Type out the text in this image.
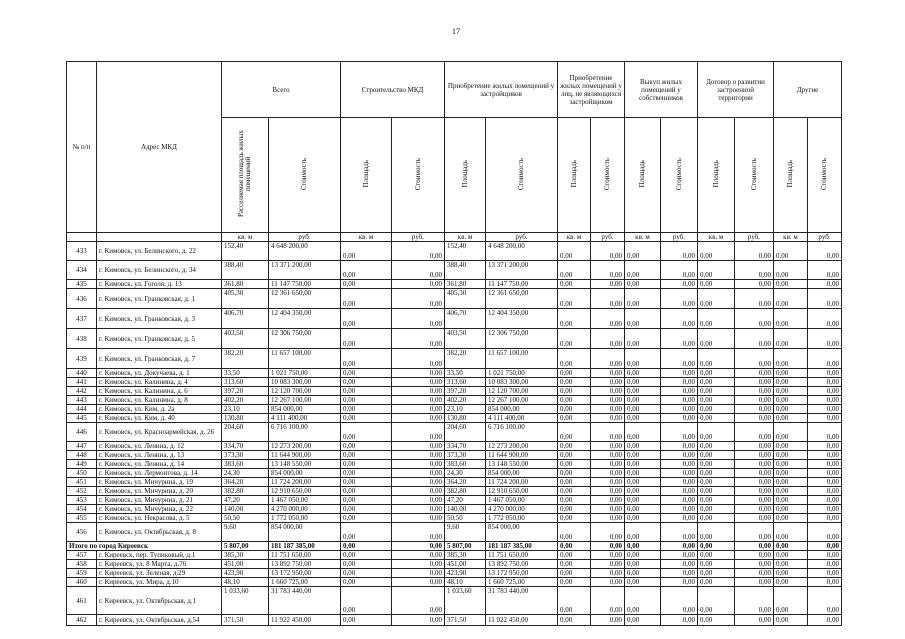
17
№ п/п	Адрес МКД	Всего		Строительство МКД		Приобретение жилых помещений у застройщиков		Приобретение жилых помещений у лиц, не являющихся застройщиком		Выкуп жилых помещений у собственников		Договор о развитии застроенной территории		Другие	
		Расселяемая площадь жилых помещений	Стоимость	Площадь	Стоимость	Площадь	Стоимость	Площадь	Стоимость	Площадь	Стоимость	Площадь	Стоимость	Площадь	Стоимость
		кв. м	руб.	кв. м	руб.	кв. м	руб.	кв. м	руб.	кв. м	руб.	кв. м	руб.	кв. м	руб.
433	г. Кимовск, ул. Белинского, д. 22	152,40	4 648 200,00	0,00	0,00	152,40	4 648 200,00	0,00	0,00	0,00	0,00	0,00	0,00	0,00	0,00
434	г. Кимовск, ул. Белинского, д. 34	388,40	13 371 200,00	0,00	0,00	388,40	13 371 200,00	0,00	0,00	0,00	0,00	0,00	0,00	0,00	0,00
435	г. Кимовск, ул. Гоголя, д. 13	361,80	11 147 750,00	0,00	0,00	361,80	11 147 750,00	0,00	0,00	0,00	0,00	0,00	0,00	0,00	0,00
436	г. Кимовск, ул. Гранковская, д. 1	405,30	12 361 650,00	0,00	0,00	405,30	12 361 650,00	0,00	0,00	0,00	0,00	0,00	0,00	0,00	0,00
437	г. Кимовск, ул. Гранковская, д. 3	406,70	12 404 350,00	0,00	0,00	406,70	12 404 350,00	0,00	0,00	0,00	0,00	0,00	0,00	0,00	0,00
438	г. Кимовск, ул. Гранковская, д. 5	403,50	12 306 750,00	0,00	0,00	403,50	12 306 750,00	0,00	0,00	0,00	0,00	0,00	0,00	0,00	0,00
439	г. Кимовск, ул. Гранковская, д. 7	382,20	11 657 100,00	0,00	0,00	382,20	11 657 100,00	0,00	0,00	0,00	0,00	0,00	0,00	0,00	0,00
440	г. Кимовск, ул. Докучаева, д. 1	33,50	1 021 750,00	0,00	0,00	33,50	1 021 750,00	0,00	0,00	0,00	0,00	0,00	0,00	0,00	0,00
441	г. Кимовск, ул. Калинина, д. 4	313,60	10 083 300,00	0,00	0,00	313,60	10 083 300,00	0,00	0,00	0,00	0,00	0,00	0,00	0,00	0,00
442	г. Кимовск, ул. Калинина, д. 6	397,20	12 120 700,00	0,00	0,00	397,20	12 120 700,00	0,00	0,00	0,00	0,00	0,00	0,00	0,00	0,00
443	г. Кимовск, ул. Калинина, д. 8	402,20	12 267 100,00	0,00	0,00	402,20	12 267 100,00	0,00	0,00	0,00	0,00	0,00	0,00	0,00	0,00
444	г. Кимовск, ул. Ким, д. 2а	23,10	854 000,00	0,00	0,00	23,10	854 000,00	0,00	0,00	0,00	0,00	0,00	0,00	0,00	0,00
445	г. Кимовск, ул. Ким, д. 40	130,80	4 111 400,00	0,00	0,00	130,80	4 111 400,00	0,00	0,00	0,00	0,00	0,00	0,00	0,00	0,00
446	г. Кимовск, ул. Красноармейская, д. 26	204,60	6 716 100,00	0,00	0,00	204,60	6 716 100,00	0,00	0,00	0,00	0,00	0,00	0,00	0,00	0,00
447	г. Кимовск, ул. Ленина, д. 12	334,70	12 273 200,00	0,00	0,00	334,70	12 273 200,00	0,00	0,00	0,00	0,00	0,00	0,00	0,00	0,00
448	г. Кимовск, ул. Ленина, д. 13	373,30	11 644 900,00	0,00	0,00	373,30	11 644 900,00	0,00	0,00	0,00	0,00	0,00	0,00	0,00	0,00
449	г. Кимовск, ул. Ленина, д. 14	383,60	13 148 550,00	0,00	0,00	383,60	13 148 550,00	0,00	0,00	0,00	0,00	0,00	0,00	0,00	0,00
450	г. Кимовск, ул. Лермонтова, д. 14	24,30	854 000,00	0,00	0,00	24,30	854 000,00	0,00	0,00	0,00	0,00	0,00	0,00	0,00	0,00
451	г. Кимовск, ул. Мичурина, д. 19	364,20	11 724 200,00	0,00	0,00	364,20	11 724 200,00	0,00	0,00	0,00	0,00	0,00	0,00	0,00	0,00
452	г. Кимовск, ул. Мичурина, д. 20	382,80	12 910 650,00	0,00	0,00	382,80	12 910 650,00	0,00	0,00	0,00	0,00	0,00	0,00	0,00	0,00
453	г. Кимовск, ул. Мичурина, д. 21	47,20	1 467 050,00	0,00	0,00	47,20	1 467 050,00	0,00	0,00	0,00	0,00	0,00	0,00	0,00	0,00
454	г. Кимовск, ул. Мичурина, д. 22	140,00	4 270 000,00	0,00	0,00	140,00	4 270 000,00	0,00	0,00	0,00	0,00	0,00	0,00	0,00	0,00
455	г. Кимовск, ул. Некрасова, д. 5	50,50	1 772 050,00	0,00	0,00	50,50	1 772 050,00	0,00	0,00	0,00	0,00	0,00	0,00	0,00	0,00
456	г. Кимовск, ул. Октябрьская, д. 8	9,60	854 000,00	0,00	0,00	9,60	854 000,00	0,00	0,00	0,00	0,00	0,00	0,00	0,00	0,00
Итого по город Киреевск		5 807,00	181 187 385,00	0,00	0,00	5 807,00	181 187 385,00	0,00	0,00	0,00	0,00	0,00	0,00	0,00	0,00
457	г. Киреевск, пер. Тупиковый, д.1	385,30	11 751 650,00	0,00	0,00	385,30	11 751 650,00	0,00	0,00	0,00	0,00	0,00	0,00	0,00	0,00
458	г. Киреевск, ул. 8 Марта, д.76	451,00	13 892 750,00	0,00	0,00	451,00	13 892 750,00	0,00	0,00	0,00	0,00	0,00	0,00	0,00	0,00
459	г. Киреевск, ул. Зеленая, д.29	423,90	13 172 950,00	0,00	0,00	423,90	13 172 950,00	0,00	0,00	0,00	0,00	0,00	0,00	0,00	0,00
460	г. Киреевск, ул. Мира, д.10	48,10	1 660 725,00	0,00	0,00	48,10	1 660 725,00	0,00	0,00	0,00	0,00	0,00	0,00	0,00	0,00
461	г. Киреевск, ул. Октябрьская, д.1	1 033,60	31 783 440,00	0,00	0,00	1 033,60	31 783 440,00	0,00	0,00	0,00	0,00	0,00	0,00	0,00	0,00
462	г. Киреевск, ул. Октябрьская, д.54	371,50	11 922 450,00	0,00	0,00	371,50	11 922 450,00	0,00	0,00	0,00	0,00	0,00	0,00	0,00	0,00
